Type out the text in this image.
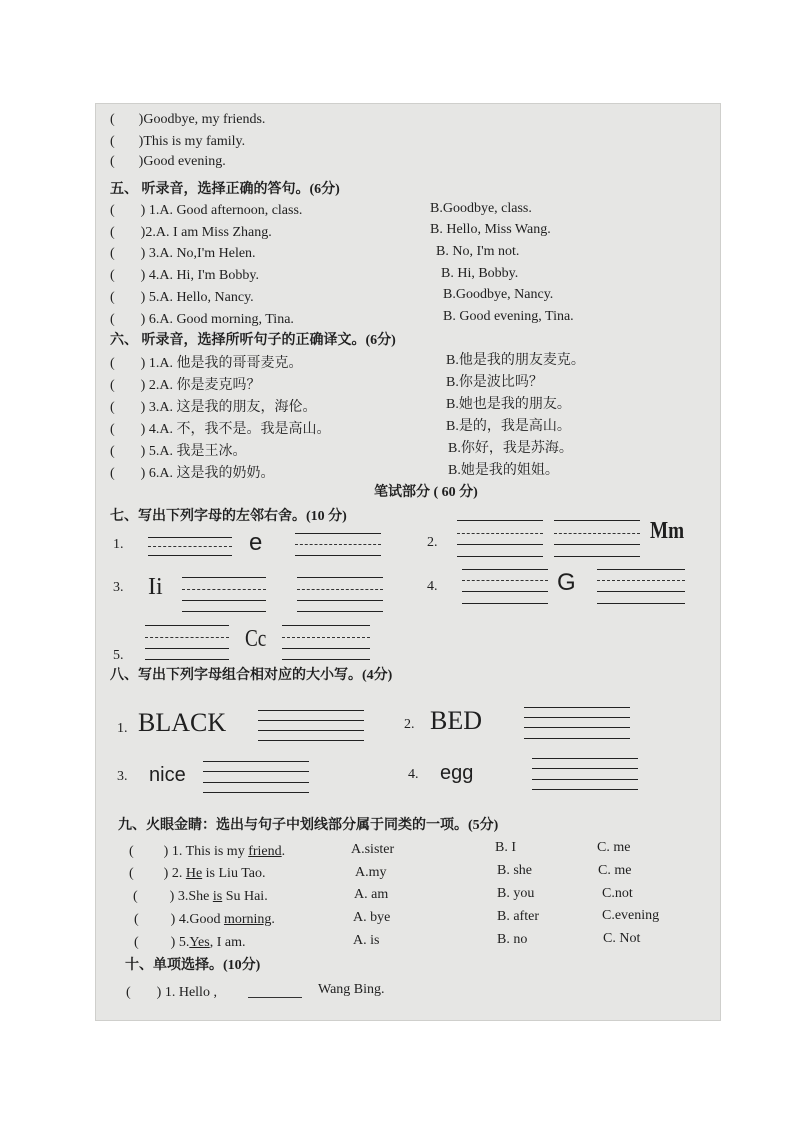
( )Goodbye, my friends.
( )This is my family.
( )Good evening.
五、 听录音，选择正确的答句。(6分)
( ) 1.A. Good afternoon, class.	B.Goodbye, class.
( )2.A. I am Miss Zhang.	B. Hello, Miss Wang.
( ) 3.A. No,I'm Helen.	B. No, I'm not.
( ) 4.A. Hi, I'm Bobby.	B. Hi, Bobby.
( ) 5.A. Hello, Nancy.	B.Goodbye, Nancy.
( ) 6.A. Good morning, Tina.	B. Good evening, Tina.
六、 听录音，选择所听句子的正确译文。(6分)
( ) 1.A. 他是我的哥哥麦克。	B.他是我的朋友麦克。
( ) 2.A. 你是麦克吗？	B.你是波比吗？
( ) 3.A. 这是我的朋友，海伦。	B.她也是我的朋友。
( ) 4.A. 不，我不是。我是高山。	B.是的，我是高山。
( ) 5.A. 我是王冰。	B.你好，我是苏海。
( ) 6.A. 这是我的奶奶。	B.她是我的姐姐。
笔试部分 ( 60 分)
七、写出下列字母的左邻右舍。(10 分)
1.	e	2.	Mm
3. Ii	4.	G
Cc
5.
八、写出下列字母组合相对应的大小写。(4分)
1. BLACK	2. BED
3. nice	4. egg
九、火眼金睛：选出与句子中划线部分属于同类的一项。(5分)
( ) 1. This is my friend.	A.sister	B. I	C. me
( ) 2. He is Liu Tao.	A.my	B. she	C. me
( ) 3.She is Su Hai.	A. am	B. you	C.not
( ) 4.Good morning.	A. bye	B. after	C.evening
( ) 5.Yes, I am.	A. is	B. no	C. Not
十、单项选择。(10分)
( ) 1. Hello ,	Wang Bing.
